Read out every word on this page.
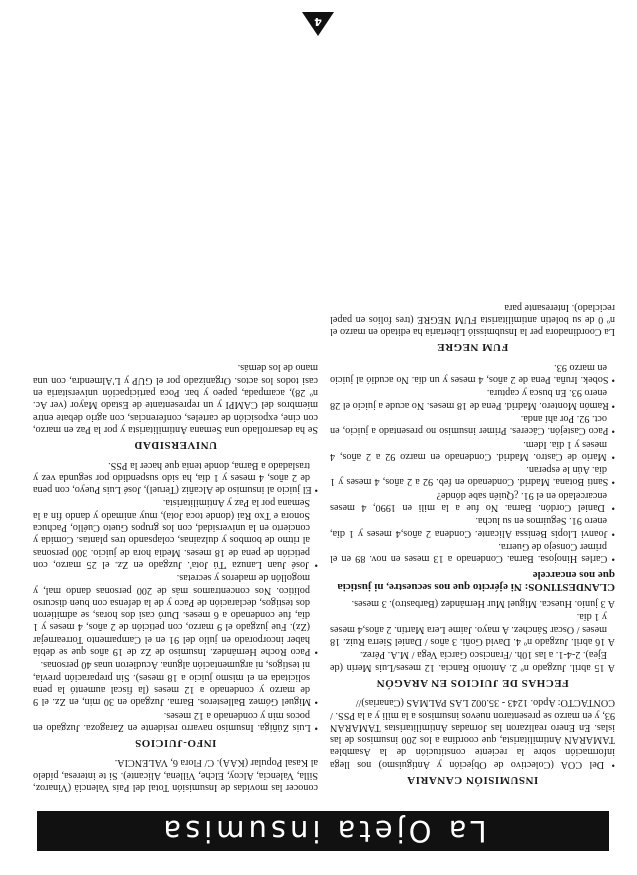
La Ojeta insumisa
INSUMISIÓN CANARIA

• Del COA (Colectivo de Objeción y Antiguismo) nos llega información sobre la reciente constitución de la Asamblea TAMARAN Antimilitarista, que coordina a los 200 insumisos de las islas. En Enero realizaron las Jornadas Antimilitaristas TAMARAN 93, y en marzo se presentaron nuevos insumisos a la mili y a la PSS. / CONTACTO: Apdo. 1243 - 35.002 LAS PALMAS (Canarias)//

FECHAS DE JUICIOS EN ARAGÓN

A 15 abril. Juzgado nº 2. Antonio Rancia. 12 meses/Luis Merín (de Ejea). 2-4-1. a las 10h. /Francisco García Vega / M.A. Pérez.

A 16 abril. Juzgado nº 4. David Goñi. 3 años / Daniel Sierra Ruiz. 18 meses / Oscar Sánchez. A mayo. Jaime Lera Martín. 2 años,4 meses y 1 día.

A 3 junio. Huesca. Miguel Mur Hernández (Barbastro). 3 meses.

CLANDESTINOS: Ni ejército que nos secuestre, ni justicia que nos encarcele

• Carles Hinojosa. Barna. Condenado a 13 meses en nov. 89 en el primer Consejo de Guerra.

• Joanvi Llopis Benissa Alicante. Condena 2 años,4 meses y 1 día, enero 91. Seguimos en su lucha.

• Daniel Cordón. Barna. No fue a la mili en 1990, 4 meses encarcelado en el 91. ¿Quién sabe dónde?

• Santi Botana. Madrid. Condenado en feb. 92 a 2 años, 4 meses y 1 día. Aún le esperan.

• Mario de Castro. Madrid. Condenado en marzo 92 a 2 años, 4 meses y 1 día. Idem.

• Paco Castejón. Cáceres. Primer insumiso no presentado a juicio, en oct. 92. Por ahí anda.

• Ramón Montero. Madrid. Pena de 18 meses. No acude a juicio el 28 enero 93. En busca y captura.

• Sobek. Iruña. Pena de 2 años, 4 meses y un día. No acudió al juicio en marzo 93.

FUM NEGRE

La Coordinadora per la Insubmissió Libertaria ha editado en marzo el nº 0 de su boletín antimilitarista FUM NEGRE (tres folios en papel reciclado). Interesante para

conocer las movidas de Insumisión Total del País Valencià (Vinaroz, Silla, Valencia, Alcoy, Elche, Villena, Alicante). Si te interesa, pídelo al Kasal Popular (KAA). C/ Flora 6, VALENCIA.

INFO-JUICIOS

• Luis Zúñiga. Insumiso navarro residente en Zaragoza. Juzgado en pocos min y condenado a 12 meses.

• Miguel Gómez Ballesteros. Barna. Juzgado en 30 min, en Zz. el 9 de marzo y condenado a 12 meses (la fiscal aumentó la pena solicitada en el mismo juicio a 18 meses). Sin preparación previa, ni testigos, ni argumentación alguna. Acudieron unas 40 personas.

• Paco Roche Hernández. Insumiso de Zz de 19 años que se debía haber incorporado en julio del 91 en el Campamento Torrearnejar (Zz). Fue juzgado el 9 marzo, con petición de 2 años, 4 meses y 1 día, fue condenado a 6 meses. Duró casi dos horas, se admitieron dos testigos, declaración de Paco y de la defensa con buen discurso político. Nos concentramos más de 200 personas dando mal, y mogollón de maderos y secretas.

• José Juan Lanuza 'Tú Jota'. Juzgado en Zz. el 25 marzo, con petición de pena de 18 meses. Media hora de juicio. 300 personas al ritmo de bombos y dulzainas, colapsando tres plantas. Comida y concierto en la universidad, con los grupos Gueto Cuéllo, Pachuca Sonora e Txo Rai (donde toca Jota), muy animado y dando fin a la Semana por la Paz y Antimilitarista.

• El juicio al insumiso de Alcañiz (Teruel), José Luis Pueyo, con pena de 2 años, 4 meses y 1 día, ha sido suspendido por segunda vez y trasladado a Barna, donde tenía que hacer la PSS.

UNIVERSIDAD

Se ha desarrollado una Semana Antimilitarista y por la Paz en marzo, con cine, exposición de carteles, conferencias, con agrio debate entre miembros del CAMPI y un representante de Estado Mayor (ver Ac. nº 28), acampada, papeo y bar. Poca participación universitaria en casi todos los actos. Organizado por el GUP y L'Almendra, con una mano de los demás.

4
